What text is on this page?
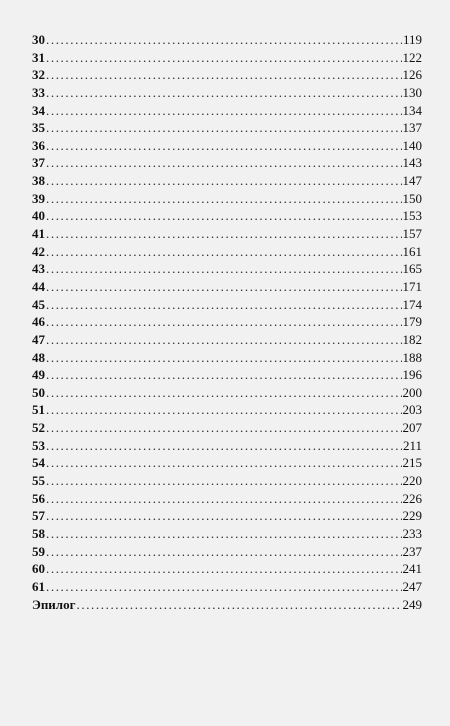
30 .....	119
31 .....	122
32 .....	126
33 .....	130
34 .....	134
35 .....	137
36 .....	140
37 .....	143
38 .....	147
39 .....	150
40 .....	153
41 .....	157
42 .....	161
43 .....	165
44 .....	171
45 .....	174
46 .....	179
47 .....	182
48 .....	188
49 .....	196
50 .....	200
51 .....	203
52 .....	207
53 .....	211
54 .....	215
55 .....	220
56 .....	226
57 .....	229
58 .....	233
59 .....	237
60 .....	241
61 .....	247
Эпилог .....	249
